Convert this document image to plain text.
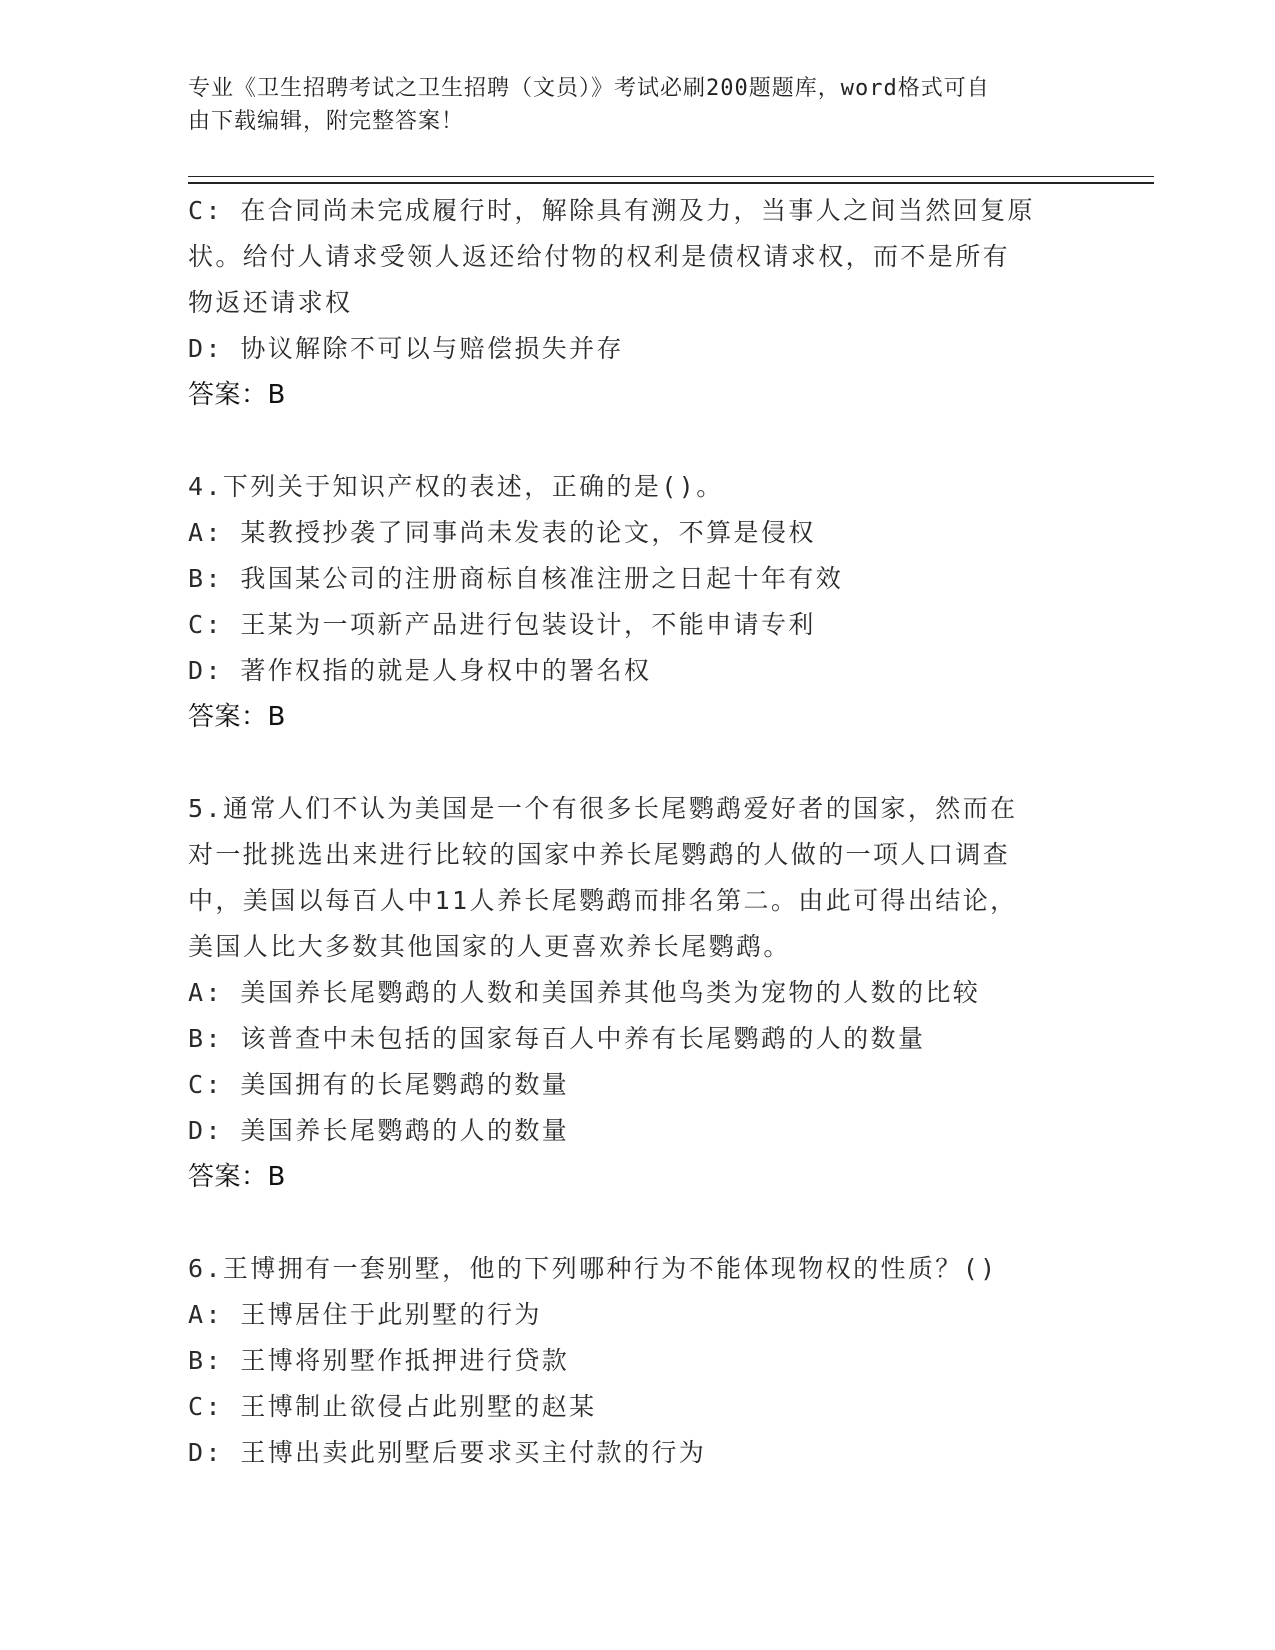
专业《卫生招聘考试之卫生招聘（文员）》考试必刷200题题库，word格式可自
由下载编辑，附完整答案！
C: 在合同尚未完成履行时，解除具有溯及力，当事人之间当然回复原
状。给付人请求受领人返还给付物的权利是债权请求权，而不是所有
物返还请求权
D: 协议解除不可以与赔偿损失并存
答案：B
4.下列关于知识产权的表述，正确的是()。
A: 某教授抄袭了同事尚未发表的论文，不算是侵权
B: 我国某公司的注册商标自核准注册之日起十年有效
C: 王某为一项新产品进行包装设计，不能申请专利
D: 著作权指的就是人身权中的署名权
答案：B
5.通常人们不认为美国是一个有很多长尾鹦鹉爱好者的国家，然而在
对一批挑选出来进行比较的国家中养长尾鹦鹉的人做的一项人口调查
中，美国以每百人中11人养长尾鹦鹉而排名第二。由此可得出结论，
美国人比大多数其他国家的人更喜欢养长尾鹦鹉。
A: 美国养长尾鹦鹉的人数和美国养其他鸟类为宠物的人数的比较
B: 该普查中未包括的国家每百人中养有长尾鹦鹉的人的数量
C: 美国拥有的长尾鹦鹉的数量
D: 美国养长尾鹦鹉的人的数量
答案：B
6.王博拥有一套别墅，他的下列哪种行为不能体现物权的性质？()
A: 王博居住于此别墅的行为
B: 王博将别墅作抵押进行贷款
C: 王博制止欲侵占此别墅的赵某
D: 王博出卖此别墅后要求买主付款的行为
